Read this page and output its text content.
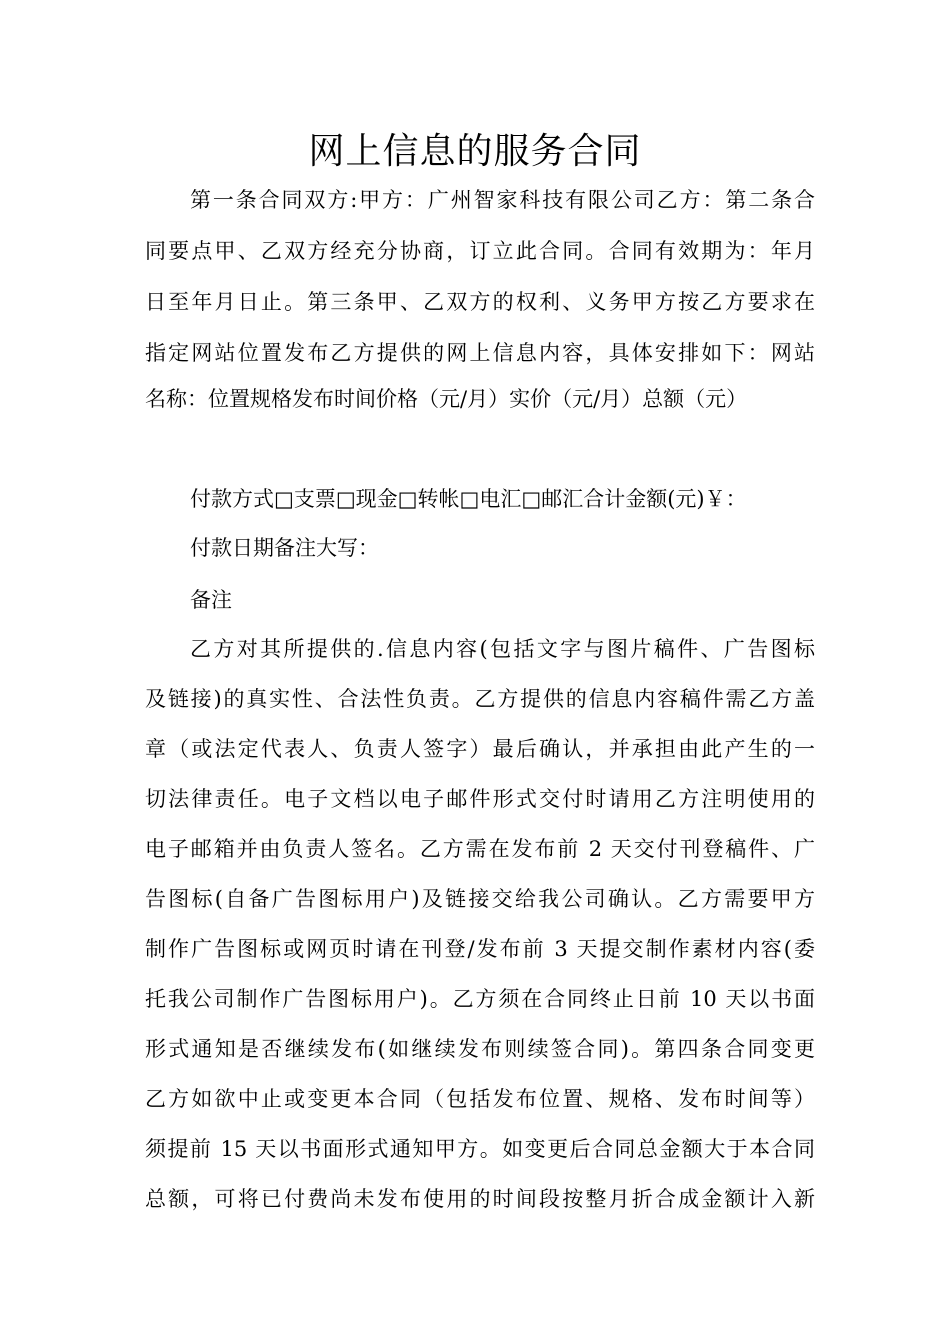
网上信息的服务合同
第一条合同双方:甲方：广州智家科技有限公司乙方：第二条合
同要点甲、乙双方经充分协商，订立此合同。合同有效期为：年月
日至年月日止。第三条甲、乙双方的权利、义务甲方按乙方要求在
指定网站位置发布乙方提供的网上信息内容，具体安排如下：网站
名称：位置规格发布时间价格（元/月）实价（元/月）总额（元）
付款方式□支票□现金□转帐□电汇□邮汇合计金额(元)￥：
付款日期备注大写：
备注
乙方对其所提供的.信息内容(包括文字与图片稿件、广告图标
及链接)的真实性、合法性负责。乙方提供的信息内容稿件需乙方盖
章（或法定代表人、负责人签字）最后确认，并承担由此产生的一
切法律责任。电子文档以电子邮件形式交付时请用乙方注明使用的
电子邮箱并由负责人签名。乙方需在发布前 2 天交付刊登稿件、广
告图标(自备广告图标用户)及链接交给我公司确认。乙方需要甲方
制作广告图标或网页时请在刊登/发布前 3 天提交制作素材内容(委
托我公司制作广告图标用户)。乙方须在合同终止日前 10 天以书面
形式通知是否继续发布(如继续发布则续签合同)。第四条合同变更
乙方如欲中止或变更本合同（包括发布位置、规格、发布时间等）
须提前 15 天以书面形式通知甲方。如变更后合同总金额大于本合同
总额，可将已付费尚未发布使用的时间段按整月折合成金额计入新
